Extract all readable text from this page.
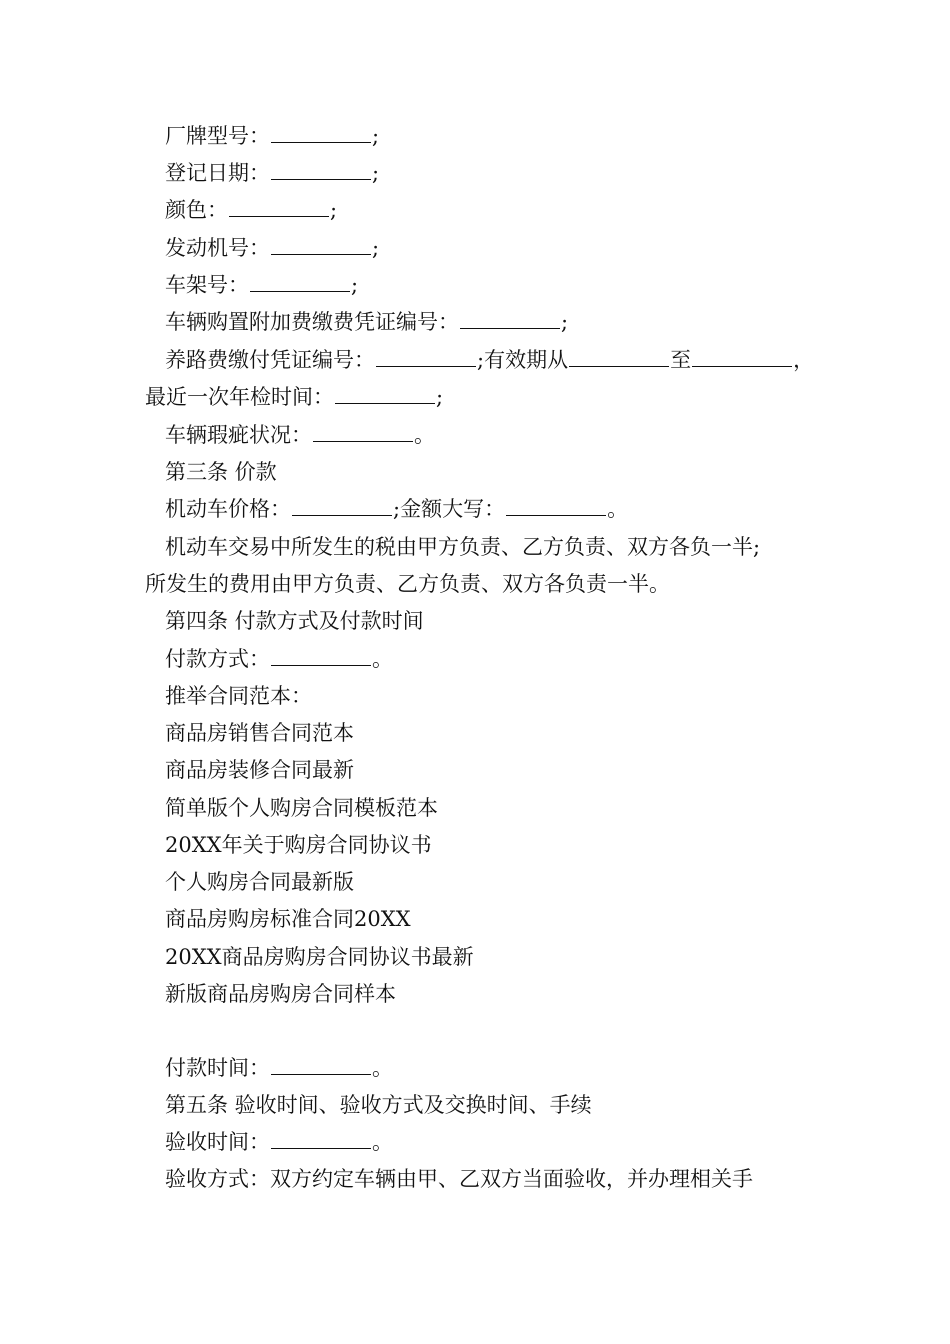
厂牌型号：	;
登记日期：	;
颜色：	;
发动机号：	;
车架号：	;
车辆购置附加费缴费凭证编号：	;
养路费缴付凭证编号：	;有效期从	至	，
最近一次年检时间：	;
车辆瑕疵状况：	。
第三条 价款
机动车价格：	;金额大写：	。
机动车交易中所发生的税由甲方负责、乙方负责、双方各负一半;
所发生的费用由甲方负责、乙方负责、双方各负责一半。
第四条 付款方式及付款时间
付款方式：	。
推举合同范本：
商品房销售合同范本
商品房装修合同最新
简单版个人购房合同模板范本
20XX年关于购房合同协议书
个人购房合同最新版
商品房购房标准合同20XX
20XX商品房购房合同协议书最新
新版商品房购房合同样本
付款时间：	。
第五条 验收时间、验收方式及交换时间、手续
验收时间：	。
验收方式：双方约定车辆由甲、乙双方当面验收，并办理相关手
